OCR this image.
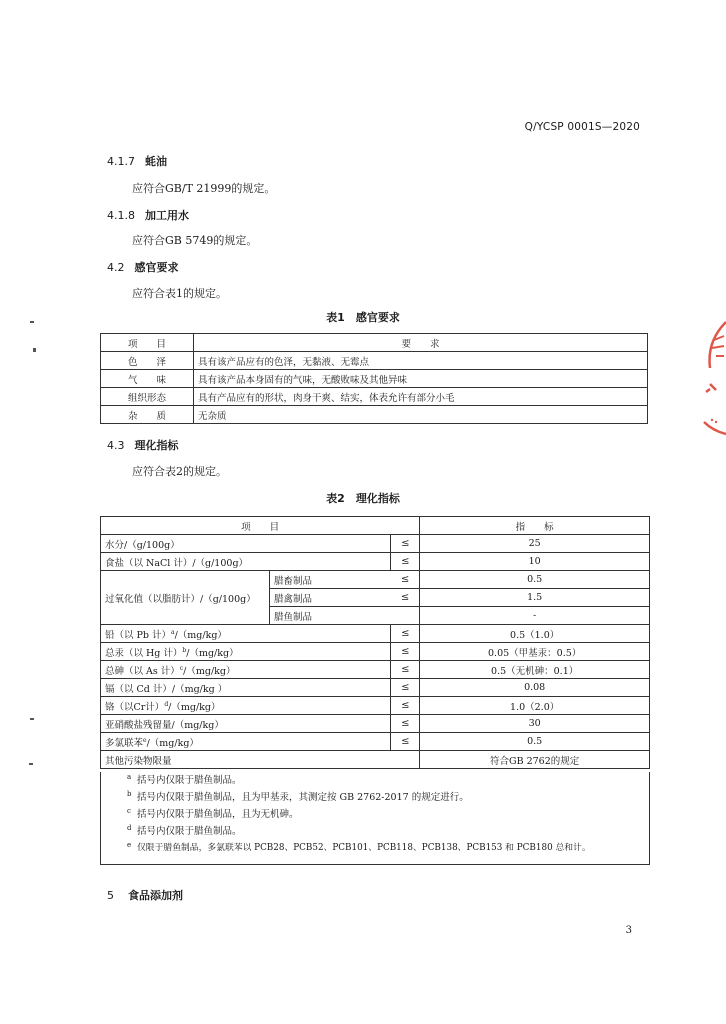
Q/YCSP 0001S—2020
4.1.7 蚝油
应符合GB/T 21999的规定。
4.1.8 加工用水
应符合GB 5749的规定。
4.2 感官要求
应符合表1的规定。
表1　感官要求
项　　目	要　　求
色　　泽	具有该产品应有的色泽，无黏液、无霉点
气　　味	具有该产品本身固有的气味，无酸败味及其他异味
组织形态	具有产品应有的形状，肉身干爽、结实，体表允许有部分小毛
杂　　质	无杂质
4.3 理化指标
应符合表2的规定。
表2　理化指标
项　　目			指　　标
水分/（g/100g）		≤	25
食盐（以 NaCl 计）/（g/100g）		≤	10
过氧化值（以脂肪计）/（g/100g）	腊畜制品	≤	0.5
	腊禽制品	≤	1.5
	腊鱼制品		-
铅（以 Pb 计）$^a$/（mg/kg）		≤	0.5（1.0）
总汞（以 Hg 计）$^b$/（mg/kg）		≤	0.05（甲基汞：0.5）
总砷（以 As 计）$^c$/（mg/kg）		≤	0.5（无机砷：0.1）
镉（以 Cd 计）/（mg/kg ）		≤	0.08
铬（以Cr计）$^d$/（mg/kg）		≤	1.0（2.0）
亚硝酸盐残留量/（mg/kg）		≤	30
多氯联苯$^e$/（mg/kg）		≤	0.5
其他污染物限量			符合GB 2762的规定
a 括号内仅限于腊鱼制品。
b 括号内仅限于腊鱼制品，且为甲基汞，其测定按 GB 2762-2017 的规定进行。
c 括号内仅限于腊鱼制品，且为无机砷。
d 括号内仅限于腊鱼制品。
e 仅限于腊鱼制品，多氯联苯以 PCB28、PCB52、PCB101、PCB118、PCB138、PCB153 和 PCB180 总和计。
5 食品添加剂
3
